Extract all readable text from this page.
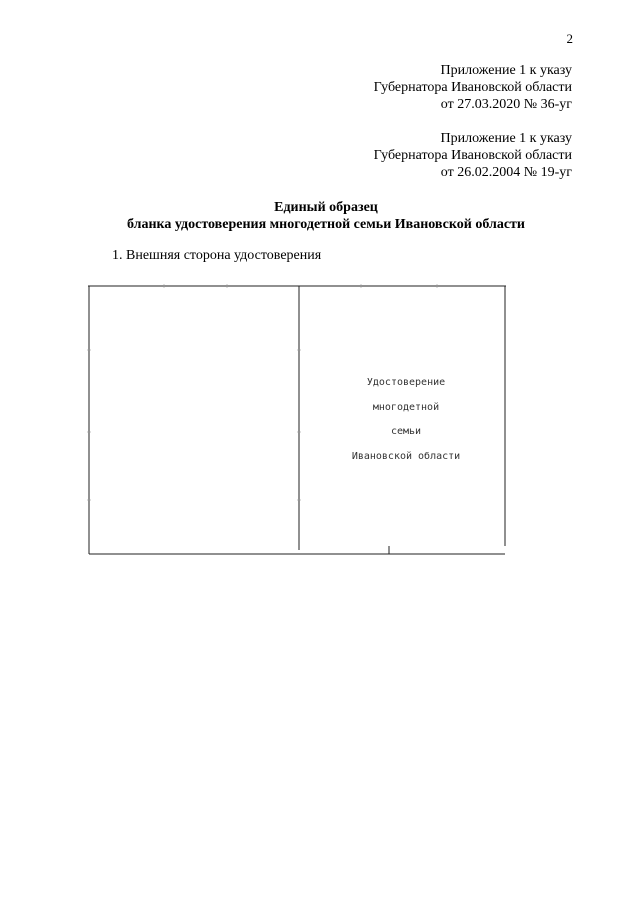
2
Приложение 1 к указу
Губернатора Ивановской области
от 27.03.2020 № 36-уг
Приложение 1 к указу
Губернатора Ивановской области
от 26.02.2004 № 19-уг
Единый образец
бланка удостоверения многодетной семьи Ивановской области
1. Внешняя сторона удостоверения
Удостоверение
многодетной
семьи
Ивановской области
